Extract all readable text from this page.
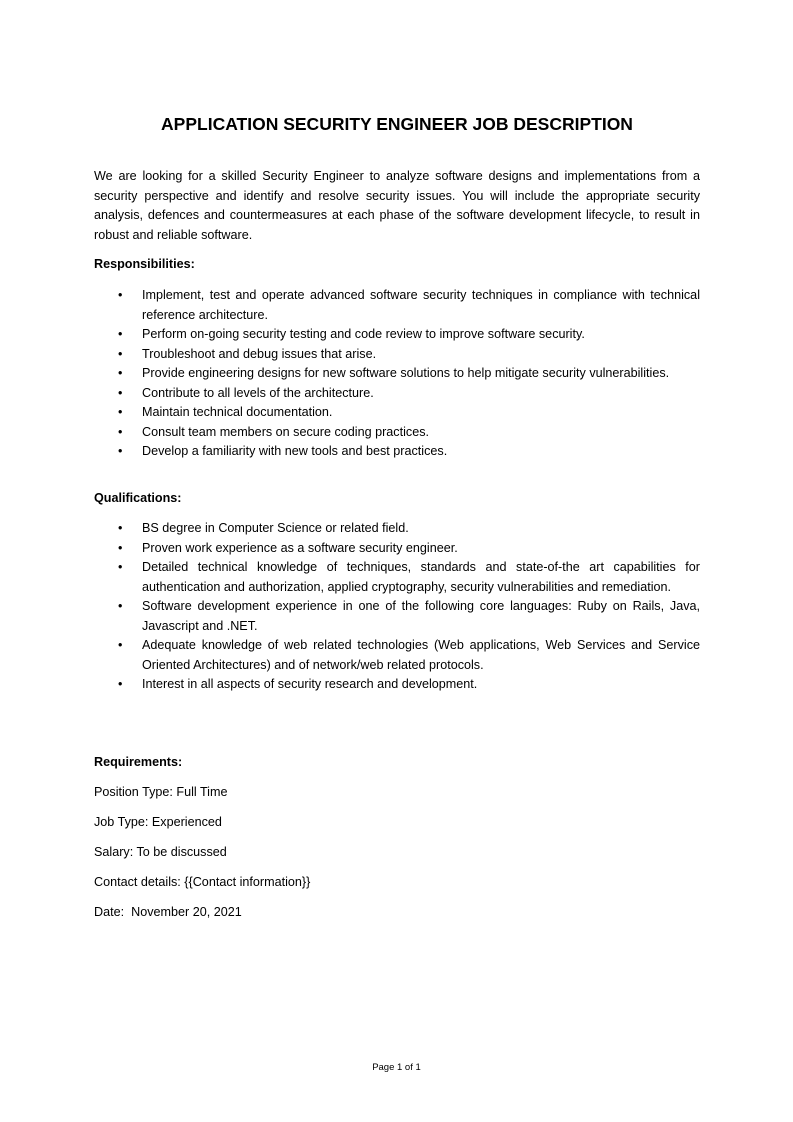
APPLICATION SECURITY ENGINEER JOB DESCRIPTION
We are looking for a skilled Security Engineer to analyze software designs and implementations from a security perspective and identify and resolve security issues. You will include the appropriate security analysis, defences and countermeasures at each phase of the software development lifecycle, to result in robust and reliable software.
Responsibilities:
• Implement, test and operate advanced software security techniques in compliance with technical reference architecture.
• Perform on-going security testing and code review to improve software security.
• Troubleshoot and debug issues that arise.
• Provide engineering designs for new software solutions to help mitigate security vulnerabilities.
• Contribute to all levels of the architecture.
• Maintain technical documentation.
• Consult team members on secure coding practices.
• Develop a familiarity with new tools and best practices.
Qualifications:
• BS degree in Computer Science or related field.
• Proven work experience as a software security engineer.
• Detailed technical knowledge of techniques, standards and state-of-the art capabilities for authentication and authorization, applied cryptography, security vulnerabilities and remediation.
• Software development experience in one of the following core languages: Ruby on Rails, Java, Javascript and .NET.
• Adequate knowledge of web related technologies (Web applications, Web Services and Service Oriented Architectures) and of network/web related protocols.
• Interest in all aspects of security research and development.
Requirements:
Position Type: Full Time
Job Type: Experienced
Salary: To be discussed
Contact details: {{Contact information}}
Date:  November 20, 2021
Page 1 of 1
